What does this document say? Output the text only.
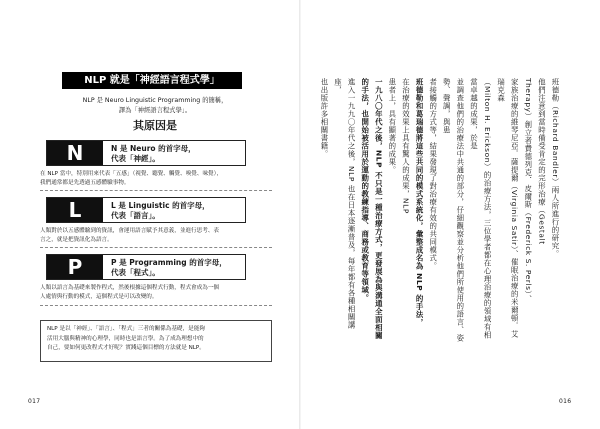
NLP 就是「神經語言程式學」
NLP 是 Neuro Linguistic Programming 的簡稱，
譯為「神經語言程式學」。
其原因是
N	N 是 Neuro 的首字母，
代表「神經」。
在 NLP 當中，特別用來代表「五感」（視覺、聽覺、觸覺、嗅覺、味覺），
我們通常都是先透過五感體驗事物。
L	L 是 Linguistic 的首字母，
代表「語言」。
人類對於以五感體驗到的資訊，會運用語言賦予其意義，並進行思考、表
言之，就是把資訊化為語言。
P	P 是 Programming 的首字母，
代表「程式」。
人類以語言為基礎來製作程式，然後根據這個程式行動，程式會成為一個
人處情與行動的模式，這個程式是可以改變的。
NLP 是以「神經」、「語言」、「程式」三者的關係為基礎，是能夠
活用大腦與精神的心理學，同時也是語言學。為了成為理想中的
自己，要如何更改程式才好呢？實踐這個目標的方法就是 NLP。
017	016
班德勒（Richard Bandler）兩人所進行的研究。
他們注意到當時備受肯定的完形治療（Gestalt
Therapy）創立者費德列克．皮爾斯（Frederick S. Perls）、
家族治療的維琴尼亞．薩提爾（Virginia Satir）、催眠治療的米爾頓．艾瑞克森
（Milton H. Erickson）的治療方法，三位學者都在心理治療的領域有相當卓越的成果，於是
並調查他們的治療法中共通的部分，仔細觀察並分析他們所使用的語言、姿勢、聲調，與患
者接觸的方式等，結果發現了對治療有效的共同模式。
班德勒和葛瑞德將這些共同的模式系統化，彙整成名為 NLP 的手法，
在治療的效果上具有驚人的成果，NLP
患者上，具有顯著的成果。
一九八〇年代之後，NLP 不只是一種治療方式，更發展為與溝通全面相關
的手法，也開始被活用於運動的教練指導、商務或教育等領域。
進入一九九〇年代之後，NLP 也在日本逐漸普及，每年都有各種相關講座，
也出版許多相關書籍。
